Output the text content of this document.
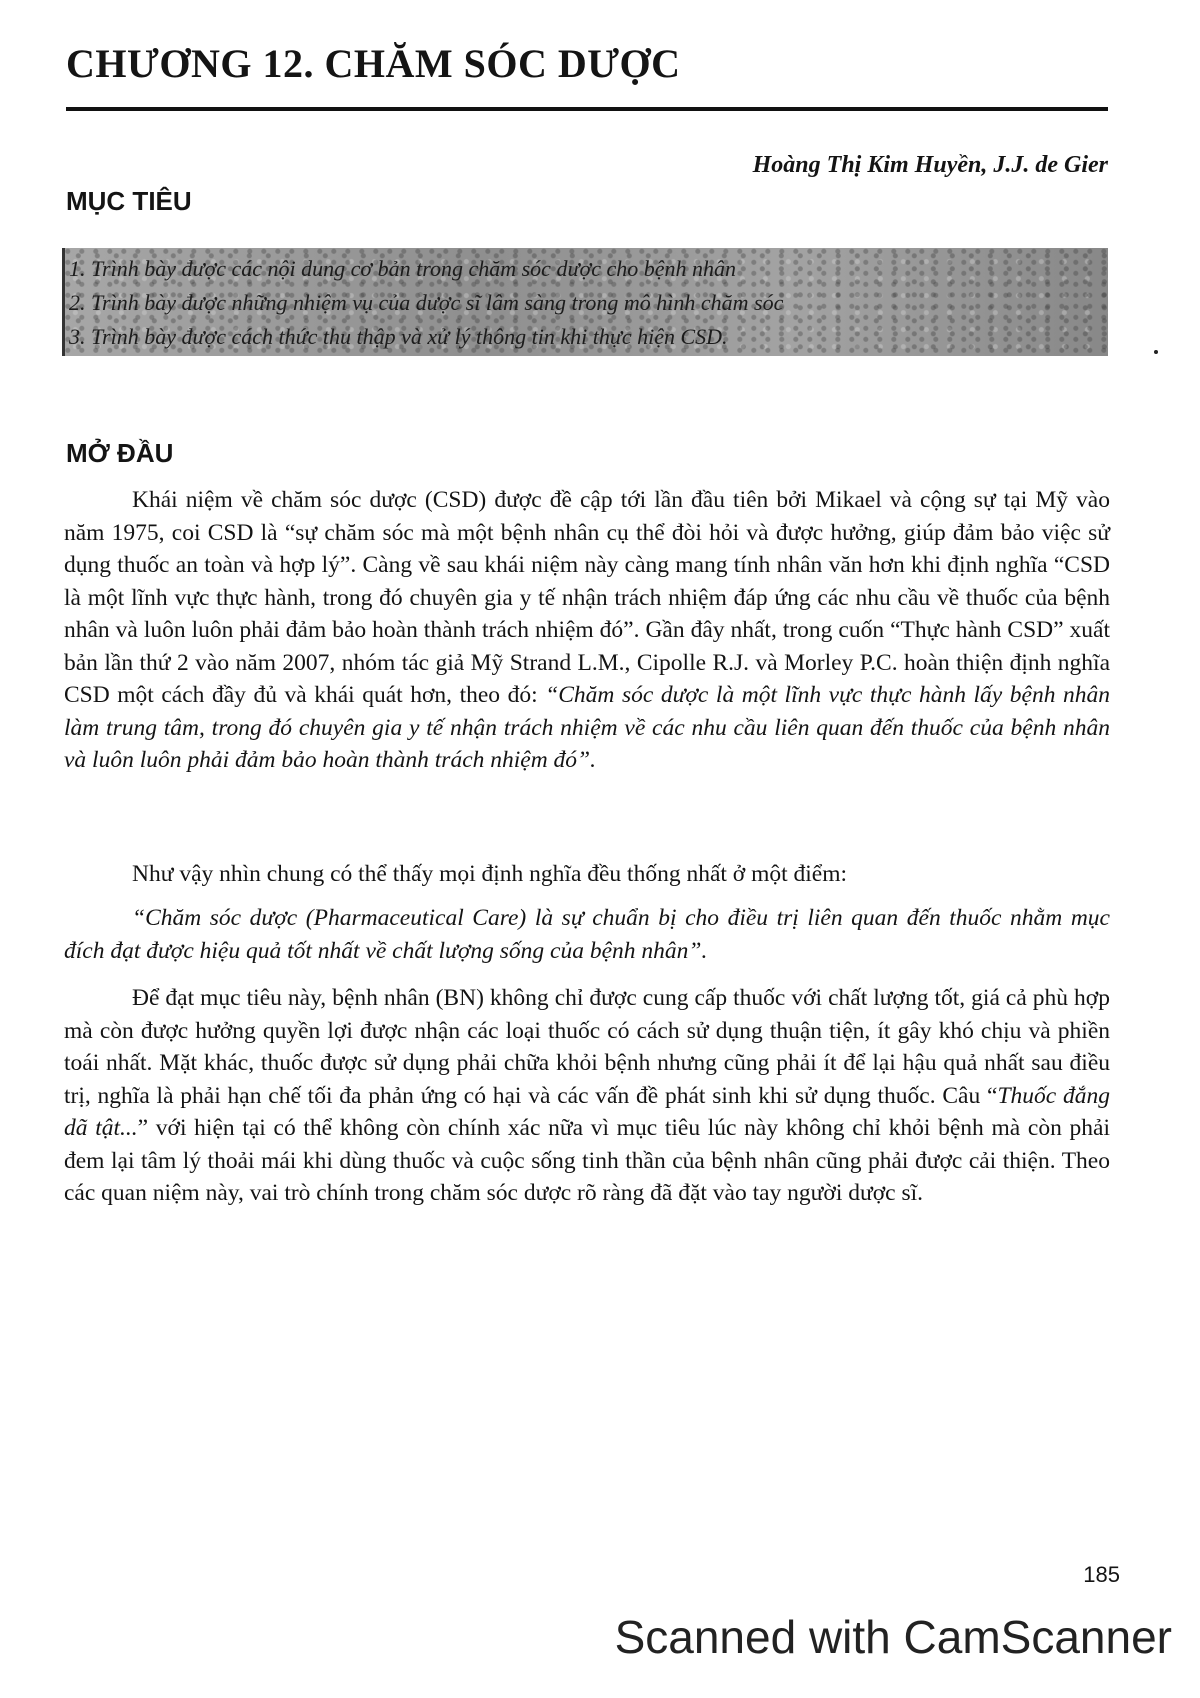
CHƯƠNG 12. CHĂM SÓC DƯỢC
Hoàng Thị Kim Huyền, J.J. de Gier
MỤC TIÊU
1. Trình bày được các nội dung cơ bản trong chăm sóc dược cho bệnh nhân
2. Trình bày được những nhiệm vụ của dược sĩ lâm sàng trong mô hình chăm sóc
3. Trình bày được cách thức thu thập và xử lý thông tin khi thực hiện CSD.
MỞ ĐẦU

Khái niệm về chăm sóc dược (CSD) được đề cập tới lần đầu tiên bởi Mikael và cộng sự tại Mỹ vào năm 1975, coi CSD là “sự chăm sóc mà một bệnh nhân cụ thể đòi hỏi và được hưởng, giúp đảm bảo việc sử dụng thuốc an toàn và hợp lý”. Càng về sau khái niệm này càng mang tính nhân văn hơn khi định nghĩa “CSD là một lĩnh vực thực hành, trong đó chuyên gia y tế nhận trách nhiệm đáp ứng các nhu cầu về thuốc của bệnh nhân và luôn luôn phải đảm bảo hoàn thành trách nhiệm đó”. Gần đây nhất, trong cuốn “Thực hành CSD” xuất bản lần thứ 2 vào năm 2007, nhóm tác giả Mỹ Strand L.M., Cipolle R.J. và Morley P.C. hoàn thiện định nghĩa CSD một cách đầy đủ và khái quát hơn, theo đó: “Chăm sóc dược là một lĩnh vực thực hành lấy bệnh nhân làm trung tâm, trong đó chuyên gia y tế nhận trách nhiệm về các nhu cầu liên quan đến thuốc của bệnh nhân và luôn luôn phải đảm bảo hoàn thành trách nhiệm đó”.

Như vậy nhìn chung có thể thấy mọi định nghĩa đều thống nhất ở một điểm:

“Chăm sóc dược (Pharmaceutical Care) là sự chuẩn bị cho điều trị liên quan đến thuốc nhằm mục đích đạt được hiệu quả tốt nhất về chất lượng sống của bệnh nhân”.

Để đạt mục tiêu này, bệnh nhân (BN) không chỉ được cung cấp thuốc với chất lượng tốt, giá cả phù hợp mà còn được hưởng quyền lợi được nhận các loại thuốc có cách sử dụng thuận tiện, ít gây khó chịu và phiền toái nhất. Mặt khác, thuốc được sử dụng phải chữa khỏi bệnh nhưng cũng phải ít để lại hậu quả nhất sau điều trị, nghĩa là phải hạn chế tối đa phản ứng có hại và các vấn đề phát sinh khi sử dụng thuốc. Câu “Thuốc đắng dã tật...” với hiện tại có thể không còn chính xác nữa vì mục tiêu lúc này không chỉ khỏi bệnh mà còn phải đem lại tâm lý thoải mái khi dùng thuốc và cuộc sống tinh thần của bệnh nhân cũng phải được cải thiện. Theo các quan niệm này, vai trò chính trong chăm sóc dược rõ ràng đã đặt vào tay người dược sĩ.

185
Scanned with CamScanner
